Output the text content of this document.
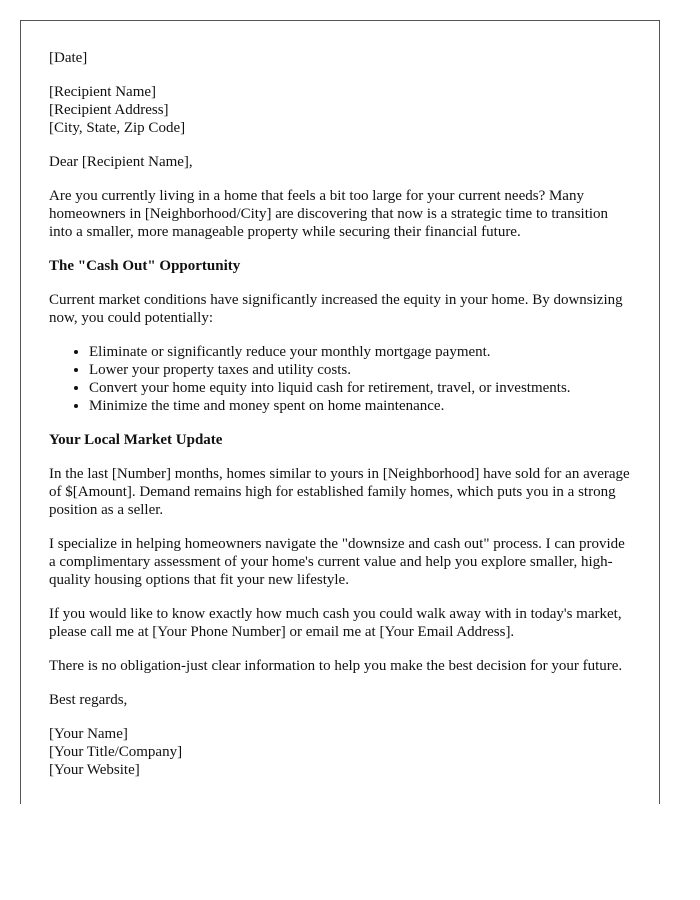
[Date]

[Recipient Name]
[Recipient Address]
[City, State, Zip Code]

Dear [Recipient Name],

Are you currently living in a home that feels a bit too large for your current needs? Many homeowners in [Neighborhood/City] are discovering that now is a strategic time to transition into a smaller, more manageable property while securing their financial future.

The "Cash Out" Opportunity

Current market conditions have significantly increased the equity in your home. By downsizing now, you could potentially:

• Eliminate or significantly reduce your monthly mortgage payment.
• Lower your property taxes and utility costs.
• Convert your home equity into liquid cash for retirement, travel, or investments.
• Minimize the time and money spent on home maintenance.
Your Local Market Update

In the last [Number] months, homes similar to yours in [Neighborhood] have sold for an average of $[Amount]. Demand remains high for established family homes, which puts you in a strong position as a seller.

I specialize in helping homeowners navigate the "downsize and cash out" process. I can provide a complimentary assessment of your home's current value and help you explore smaller, high-quality housing options that fit your new lifestyle.

If you would like to know exactly how much cash you could walk away with in today's market, please call me at [Your Phone Number] or email me at [Your Email Address].

There is no obligation-just clear information to help you make the best decision for your future.

Best regards,

[Your Name]
[Your Title/Company]
[Your Website]
